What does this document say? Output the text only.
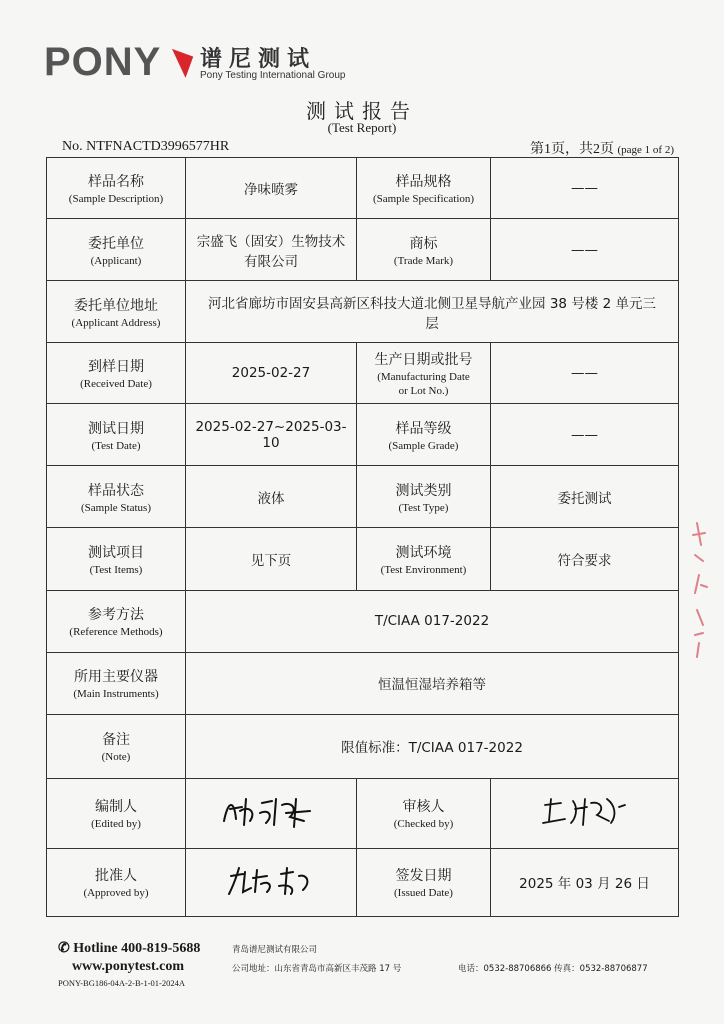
PONY 谱尼测试
Pony Testing International Group
测试报告
(Test Report)
No. NTFNACTD3996577HR	第1页，共2页 (page 1 of 2)
样品名称
(Sample Description)	净味喷雾	样品规格
(Sample Specification)	——

委托单位
(Applicant)	宗盛飞（固安）生物技术
有限公司	商标
(Trade Mark)	——

委托单位地址
(Applicant Address)	河北省廊坊市固安县高新区科技大道北侧卫星导航产业园 38 号楼 2 单元三
层		

到样日期
(Received Date)	2025-02-27	生产日期或批号
(Manufacturing Date
or Lot No.)	——

测试日期
(Test Date)	2025-02-27~2025-03-10	样品等级
(Sample Grade)	——

样品状态
(Sample Status)	液体	测试类别
(Test Type)	委托测试

测试项目
(Test Items)	见下页	测试环境
(Test Environment)	符合要求

参考方法
(Reference Methods)	T/CIAA 017-2022		

所用主要仪器
(Main Instruments)	恒温恒湿培养箱等		

备注
(Note)	限值标准：T/CIAA 017-2022		

编制人
(Edited by)		审核人
(Checked by)

批准人
(Approved by)		签发日期
(Issued Date)	2025 年 03 月 26 日
✆ Hotline 400-819-5688
www.ponytest.com
PONY-BG186-04A-2-B-1-01-2024A
青岛谱尼测试有限公司
公司地址：山东省青岛市高新区丰茂路 17 号	电话：0532-88706866 传真：0532-88706877
